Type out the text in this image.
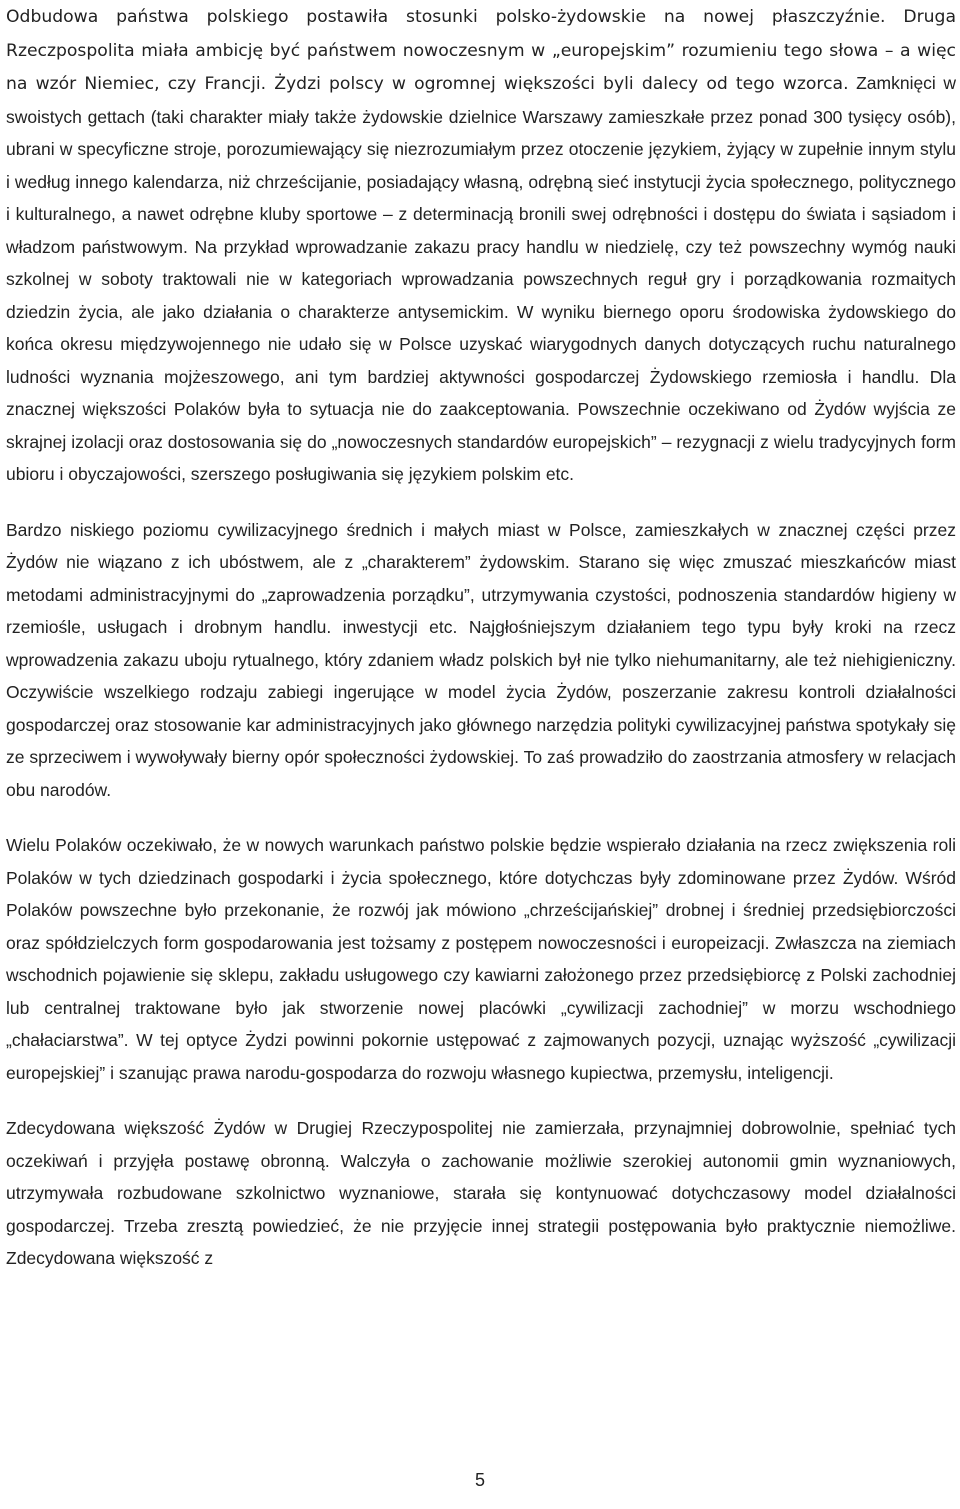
Odbudowa państwa polskiego postawiła stosunki polsko-żydowskie na nowej płaszczyźnie. Druga Rzeczpospolita miała ambicję być państwem nowoczesnym w „europejskim” rozumieniu tego słowa – a więc na wzór Niemiec, czy Francji. Żydzi polscy w ogromnej większości byli dalecy od tego wzorca. Zamknięci w swoistych gettach (taki charakter miały także żydowskie dzielnice Warszawy zamieszkałe przez ponad 300 tysięcy osób), ubrani w specyficzne stroje, porozumiewający się niezrozumiałym przez otoczenie językiem, żyjący w zupełnie innym stylu i według innego kalendarza, niż chrześcijanie, posiadający własną, odrębną sieć instytucji życia społecznego, politycznego i kulturalnego, a nawet odrębne kluby sportowe – z determinacją bronili swej odrębności i dostępu do świata i sąsiadom i władzom państwowym. Na przykład wprowadzanie zakazu pracy handlu w niedzielę, czy też powszechny wymóg nauki szkolnej w soboty traktowali nie w kategoriach wprowadzania powszechnych reguł gry i porządkowania rozmaitych dziedzin życia, ale jako działania o charakterze antysemickim. W wyniku biernego oporu środowiska żydowskiego do końca okresu międzywojennego nie udało się w Polsce uzyskać wiarygodnych danych dotyczących ruchu naturalnego ludności wyznania mojżeszowego, ani tym bardziej aktywności gospodarczej Żydowskiego rzemiosła i handlu. Dla znacznej większości Polaków była to sytuacja nie do zaakceptowania. Powszechnie oczekiwano od Żydów wyjścia ze skrajnej izolacji oraz dostosowania się do „nowoczesnych standardów europejskich” – rezygnacji z wielu tradycyjnych form ubioru i obyczajowości, szerszego posługiwania się językiem polskim etc.

Bardzo niskiego poziomu cywilizacyjnego średnich i małych miast w Polsce, zamieszkałych w znacznej części przez Żydów nie wiązano z ich ubóstwem, ale z „charakterem” żydowskim. Starano się więc zmuszać mieszkańców miast metodami administracyjnymi do „zaprowadzenia porządku”, utrzymywania czystości, podnoszenia standardów higieny w rzemiośle, usługach i drobnym handlu. inwestycji etc. Najgłośniejszym działaniem tego typu były kroki na rzecz wprowadzenia zakazu uboju rytualnego, który zdaniem władz polskich był nie tylko niehumanitarny, ale też niehigieniczny. Oczywiście wszelkiego rodzaju zabiegi ingerujące w model życia Żydów, poszerzanie zakresu kontroli działalności gospodarczej oraz stosowanie kar administracyjnych jako głównego narzędzia polityki cywilizacyjnej państwa spotykały się ze sprzeciwem i wywoływały bierny opór społeczności żydowskiej. To zaś prowadziło do zaostrzania atmosfery w relacjach obu narodów.

Wielu Polaków oczekiwało, że w nowych warunkach państwo polskie będzie wspierało działania na rzecz zwiększenia roli Polaków w tych dziedzinach gospodarki i życia społecznego, które dotychczas były zdominowane przez Żydów. Wśród Polaków powszechne było przekonanie, że rozwój jak mówiono „chrześcijańskiej” drobnej i średniej przedsiębiorczości oraz spółdzielczych form gospodarowania jest tożsamy z postępem nowoczesności i europeizacji. Zwłaszcza na ziemiach wschodnich pojawienie się sklepu, zakładu usługowego czy kawiarni założonego przez przedsiębiorcę z Polski zachodniej lub centralnej traktowane było jak stworzenie nowej placówki „cywilizacji zachodniej” w morzu wschodniego „chałaciarstwa”. W tej optyce Żydzi powinni pokornie ustępować z zajmowanych pozycji, uznając wyższość „cywilizacji europejskiej” i szanując prawa narodu-gospodarza do rozwoju własnego kupiectwa, przemysłu, inteligencji.

Zdecydowana większość Żydów w Drugiej Rzeczypospolitej nie zamierzała, przynajmniej dobrowolnie, spełniać tych oczekiwań i przyjęła postawę obronną. Walczyła o zachowanie możliwie szerokiej autonomii gmin wyznaniowych, utrzymywała rozbudowane szkolnictwo wyznaniowe, starała się kontynuować dotychczasowy model działalności gospodarczej. Trzeba zresztą powiedzieć, że nie przyjęcie innej strategii postępowania było praktycznie niemożliwe. Zdecydowana większość z

5
